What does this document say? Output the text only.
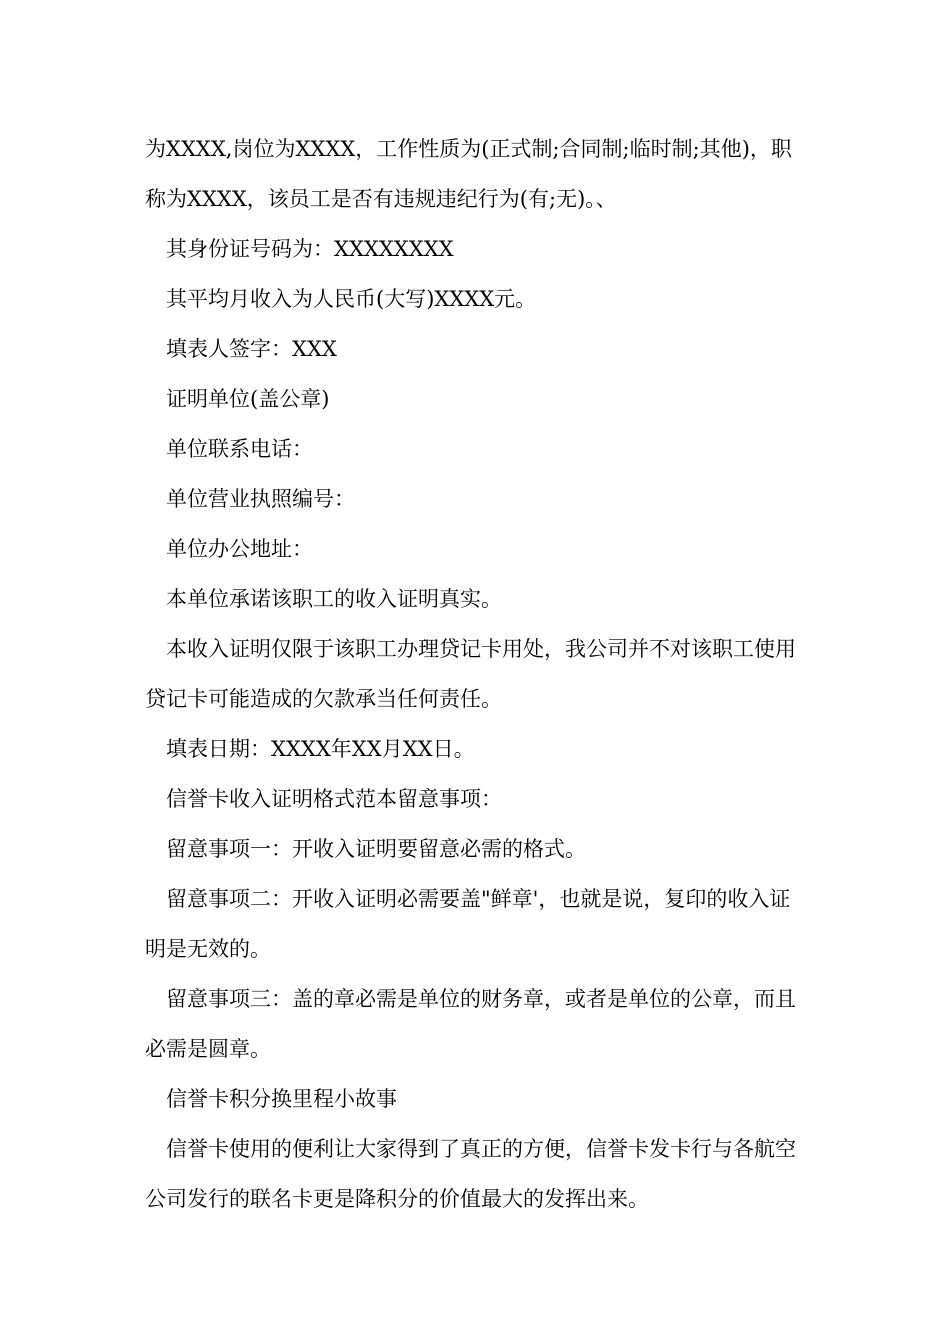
为XXXX,岗位为XXXX，工作性质为(正式制;合同制;临时制;其他)，职称为XXXX，该员工是否有违规违纪行为(有;无)。、

其身份证号码为：XXXXXXXX

其平均月收入为人民币(大写)XXXX元。

填表人签字：XXX

证明单位(盖公章)

单位联系电话：

单位营业执照编号：

单位办公地址：

本单位承诺该职工的收入证明真实。

本收入证明仅限于该职工办理贷记卡用处，我公司并不对该职工使用贷记卡可能造成的欠款承当任何责任。

填表日期：XXXX年XX月XX日。

信誉卡收入证明格式范本留意事项：

留意事项一：开收入证明要留意必需的格式。

留意事项二：开收入证明必需要盖"鲜章'，也就是说，复印的收入证明是无效的。

留意事项三：盖的章必需是单位的财务章，或者是单位的公章，而且必需是圆章。

信誉卡积分换里程小故事

信誉卡使用的便利让大家得到了真正的方便，信誉卡发卡行与各航空公司发行的联名卡更是降积分的价值最大的发挥出来。
